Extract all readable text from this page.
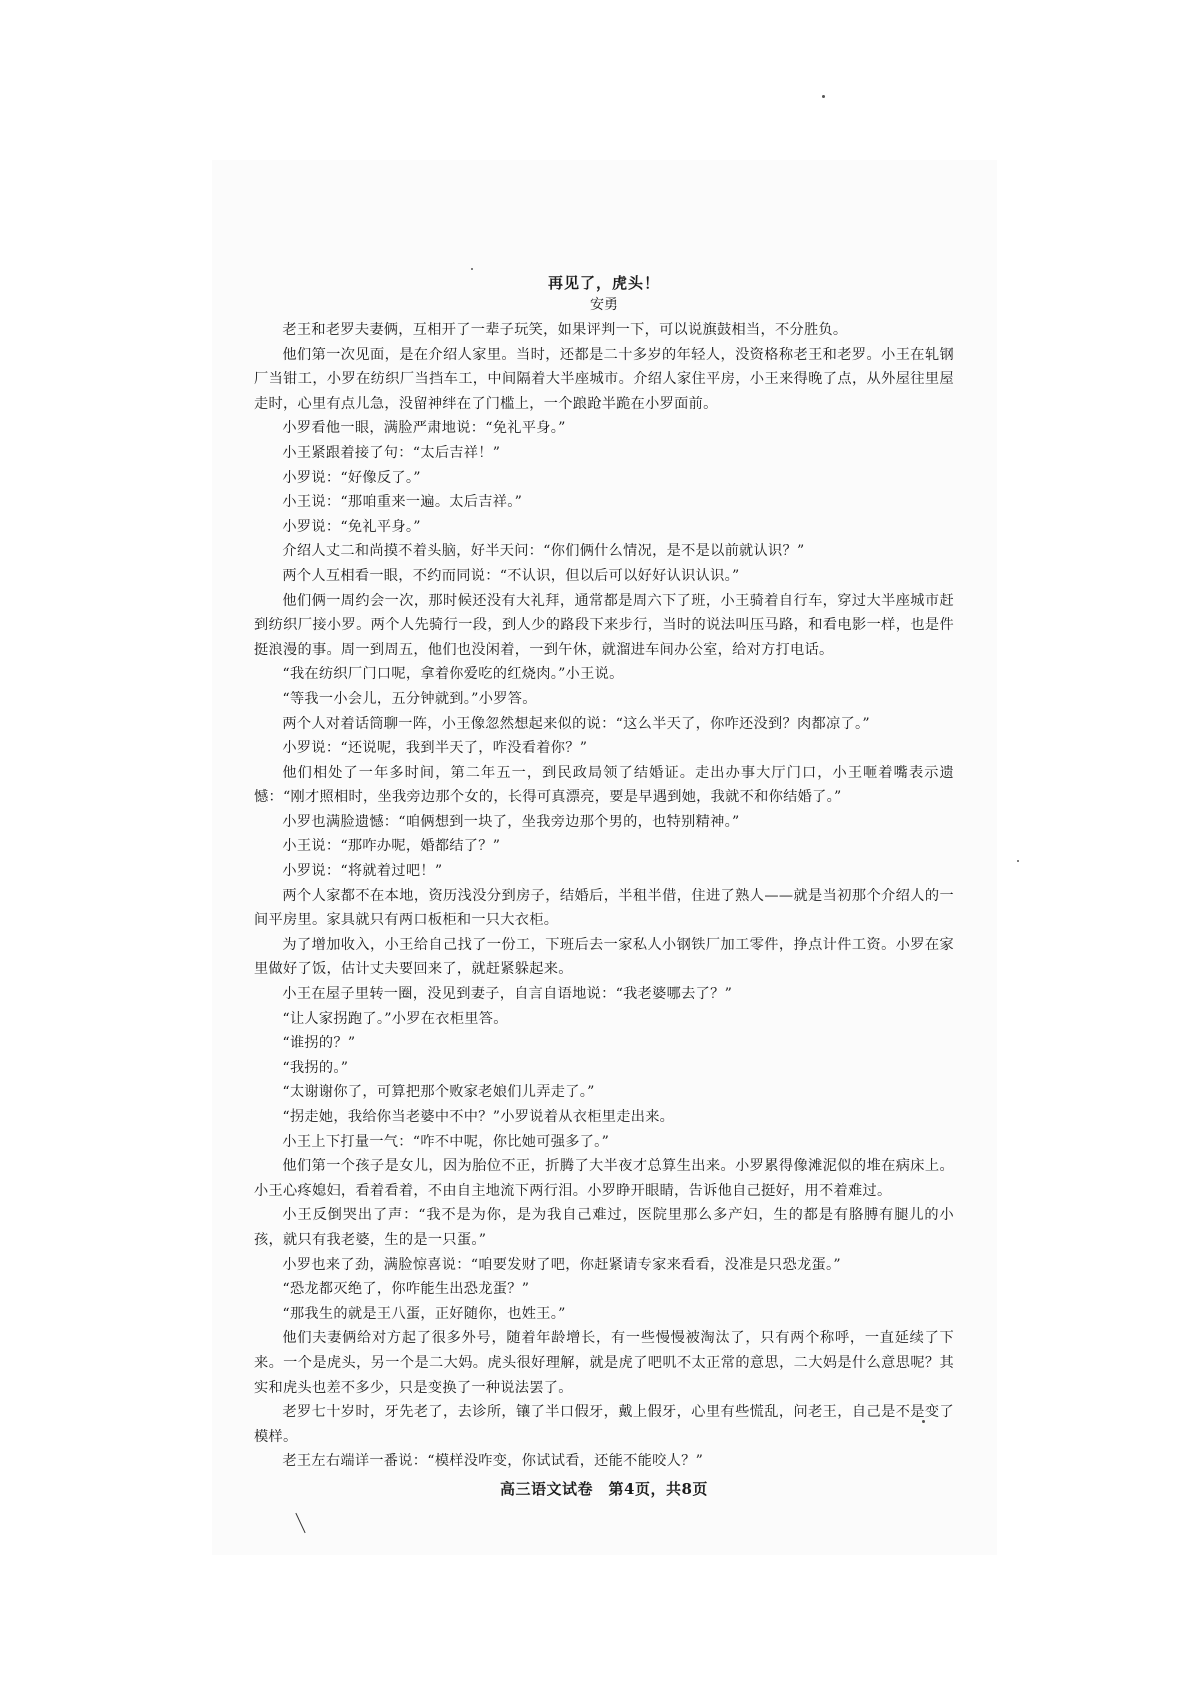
再见了，虎头！
安勇

老王和老罗夫妻俩，互相开了一辈子玩笑，如果评判一下，可以说旗鼓相当，不分胜负。

他们第一次见面，是在介绍人家里。当时，还都是二十多岁的年轻人，没资格称老王和老罗。小王在轧钢厂当钳工，小罗在纺织厂当挡车工，中间隔着大半座城市。介绍人家住平房，小王来得晚了点，从外屋往里屋走时，心里有点儿急，没留神绊在了门槛上，一个踉跄半跪在小罗面前。

小罗看他一眼，满脸严肃地说：“免礼平身。”

小王紧跟着接了句：“太后吉祥！”

小罗说：“好像反了。”

小王说：“那咱重来一遍。太后吉祥。”

小罗说：“免礼平身。”

介绍人丈二和尚摸不着头脑，好半天问：“你们俩什么情况，是不是以前就认识？”

两个人互相看一眼，不约而同说：“不认识，但以后可以好好认识认识。”

他们俩一周约会一次，那时候还没有大礼拜，通常都是周六下了班，小王骑着自行车，穿过大半座城市赶到纺织厂接小罗。两个人先骑行一段，到人少的路段下来步行，当时的说法叫压马路，和看电影一样，也是件挺浪漫的事。周一到周五，他们也没闲着，一到午休，就溜进车间办公室，给对方打电话。

“我在纺织厂门口呢，拿着你爱吃的红烧肉。”小王说。

“等我一小会儿，五分钟就到。”小罗答。

两个人对着话筒聊一阵，小王像忽然想起来似的说：“这么半天了，你咋还没到？肉都凉了。”

小罗说：“还说呢，我到半天了，咋没看着你？”

他们相处了一年多时间，第二年五一，到民政局领了结婚证。走出办事大厅门口，小王咂着嘴表示遗憾：“刚才照相时，坐我旁边那个女的，长得可真漂亮，要是早遇到她，我就不和你结婚了。”

小罗也满脸遗憾：“咱俩想到一块了，坐我旁边那个男的，也特别精神。”

小王说：“那咋办呢，婚都结了？”

小罗说：“将就着过吧！”

两个人家都不在本地，资历浅没分到房子，结婚后，半租半借，住进了熟人——就是当初那个介绍人的一间平房里。家具就只有两口板柜和一只大衣柜。

为了增加收入，小王给自己找了一份工，下班后去一家私人小钢铁厂加工零件，挣点计件工资。小罗在家里做好了饭，估计丈夫要回来了，就赶紧躲起来。

小王在屋子里转一圈，没见到妻子，自言自语地说：“我老婆哪去了？”

“让人家拐跑了。”小罗在衣柜里答。

“谁拐的？”

“我拐的。”

“太谢谢你了，可算把那个败家老娘们儿弄走了。”

“拐走她，我给你当老婆中不中？”小罗说着从衣柜里走出来。

小王上下打量一气：“咋不中呢，你比她可强多了。”

他们第一个孩子是女儿，因为胎位不正，折腾了大半夜才总算生出来。小罗累得像滩泥似的堆在病床上。小王心疼媳妇，看着看着，不由自主地流下两行泪。小罗睁开眼睛，告诉他自己挺好，用不着难过。

小王反倒哭出了声：“我不是为你，是为我自己难过，医院里那么多产妇，生的都是有胳膊有腿儿的小孩，就只有我老婆，生的是一只蛋。”

小罗也来了劲，满脸惊喜说：“咱要发财了吧，你赶紧请专家来看看，没准是只恐龙蛋。”

“恐龙都灭绝了，你咋能生出恐龙蛋？”

“那我生的就是王八蛋，正好随你，也姓王。”

他们夫妻俩给对方起了很多外号，随着年龄增长，有一些慢慢被淘汰了，只有两个称呼，一直延续了下来。一个是虎头，另一个是二大妈。虎头很好理解，就是虎了吧叽不太正常的意思，二大妈是什么意思呢？其实和虎头也差不多少，只是变换了一种说法罢了。

老罗七十岁时，牙先老了，去诊所，镶了半口假牙，戴上假牙，心里有些慌乱，问老王，自己是不是变了模样。

老王左右端详一番说：“模样没咋变，你试试看，还能不能咬人？”

高三语文试卷　第4页，共8页
